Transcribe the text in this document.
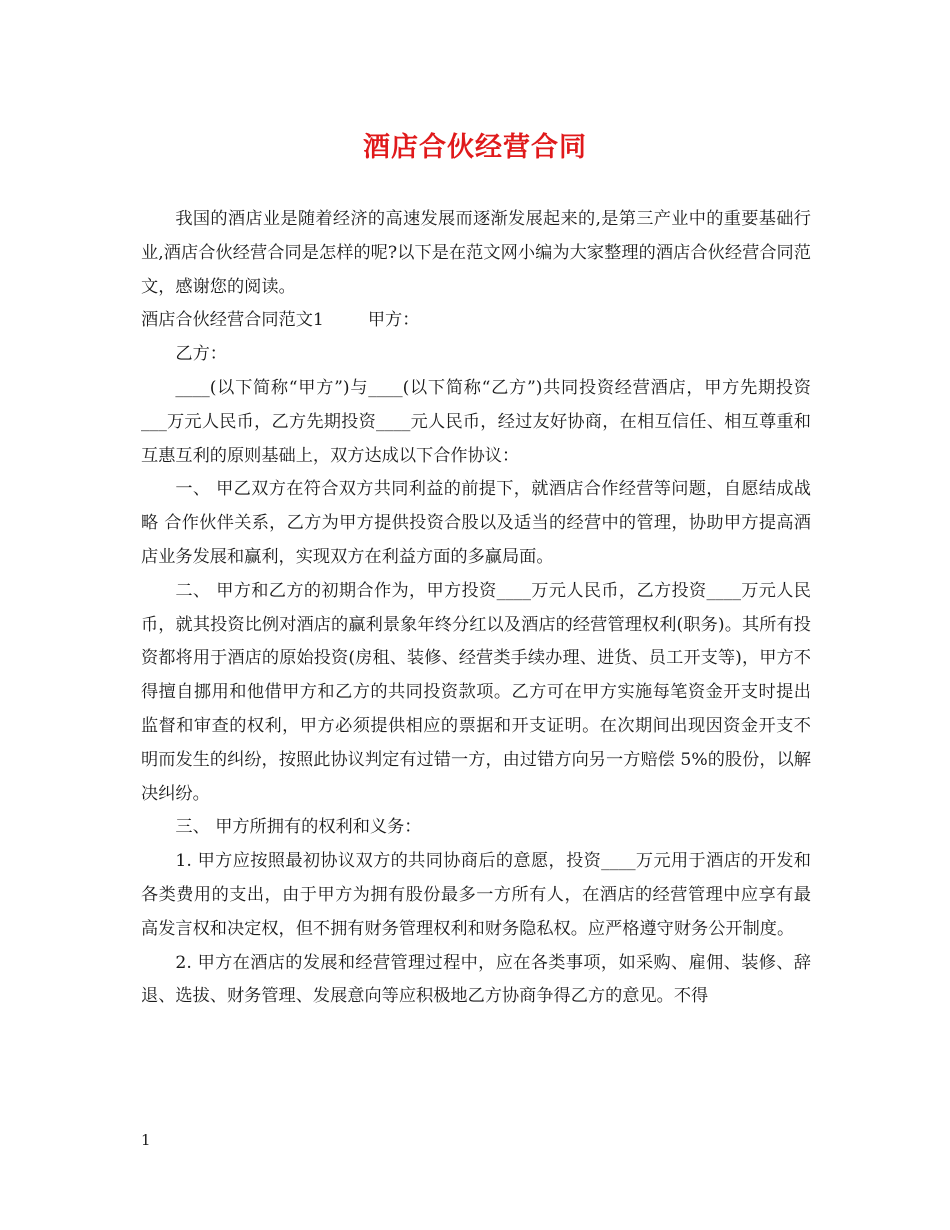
酒店合伙经营合同

我国的酒店业是随着经济的高速发展而逐渐发展起来的,是第三产业中的重要基础行业,酒店合伙经营合同是怎样的呢?以下是在范文网小编为大家整理的酒店合伙经营合同范文，感谢您的阅读。

酒店合伙经营合同范文1	甲方：

乙方：

____(以下简称“甲方”)与____(以下简称“乙方”)共同投资经营酒店，甲方先期投资___万元人民币，乙方先期投资____元人民币，经过友好协商，在相互信任、相互尊重和互惠互利的原则基础上，双方达成以下合作协议：

一、 甲乙双方在符合双方共同利益的前提下，就酒店合作经营等问题，自愿结成战略 合作伙伴关系，乙方为甲方提供投资合股以及适当的经营中的管理，协助甲方提高酒店业务发展和赢利，实现双方在利益方面的多赢局面。

二、 甲方和乙方的初期合作为，甲方投资____万元人民币，乙方投资____万元人民币，就其投资比例对酒店的赢利景象年终分红以及酒店的经营管理权利(职务)。其所有投资都将用于酒店的原始投资(房租、装修、经营类手续办理、进货、员工开支等)，甲方不得擅自挪用和他借甲方和乙方的共同投资款项。乙方可在甲方实施每笔资金开支时提出监督和审查的权利，甲方必须提供相应的票据和开支证明。在次期间出现因资金开支不明而发生的纠纷，按照此协议判定有过错一方，由过错方向另一方赔偿 5%的股份，以解决纠纷。

三、 甲方所拥有的权利和义务：

1. 甲方应按照最初协议双方的共同协商后的意愿，投资____万元用于酒店的开发和各类费用的支出，由于甲方为拥有股份最多一方所有人，在酒店的经营管理中应享有最高发言权和决定权，但不拥有财务管理权利和财务隐私权。应严格遵守财务公开制度。

2. 甲方在酒店的发展和经营管理过程中，应在各类事项，如采购、雇佣、装修、辞退、选拔、财务管理、发展意向等应积极地乙方协商争得乙方的意见。不得

1
